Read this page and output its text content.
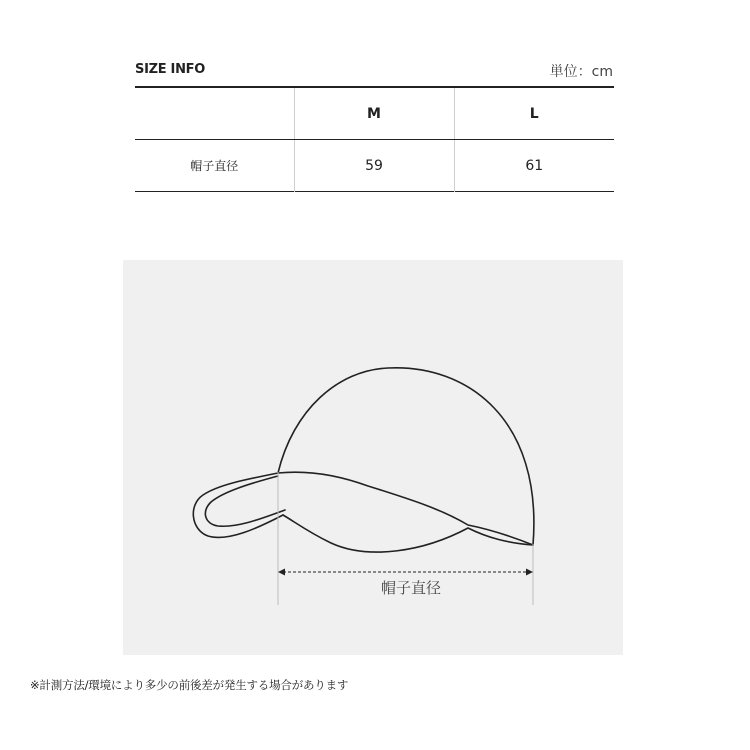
SIZE INFO	単位：cm
	M	L
帽子直径	59	61
帽子直径
※計測方法/環境により多少の前後差が発生する場合があります
